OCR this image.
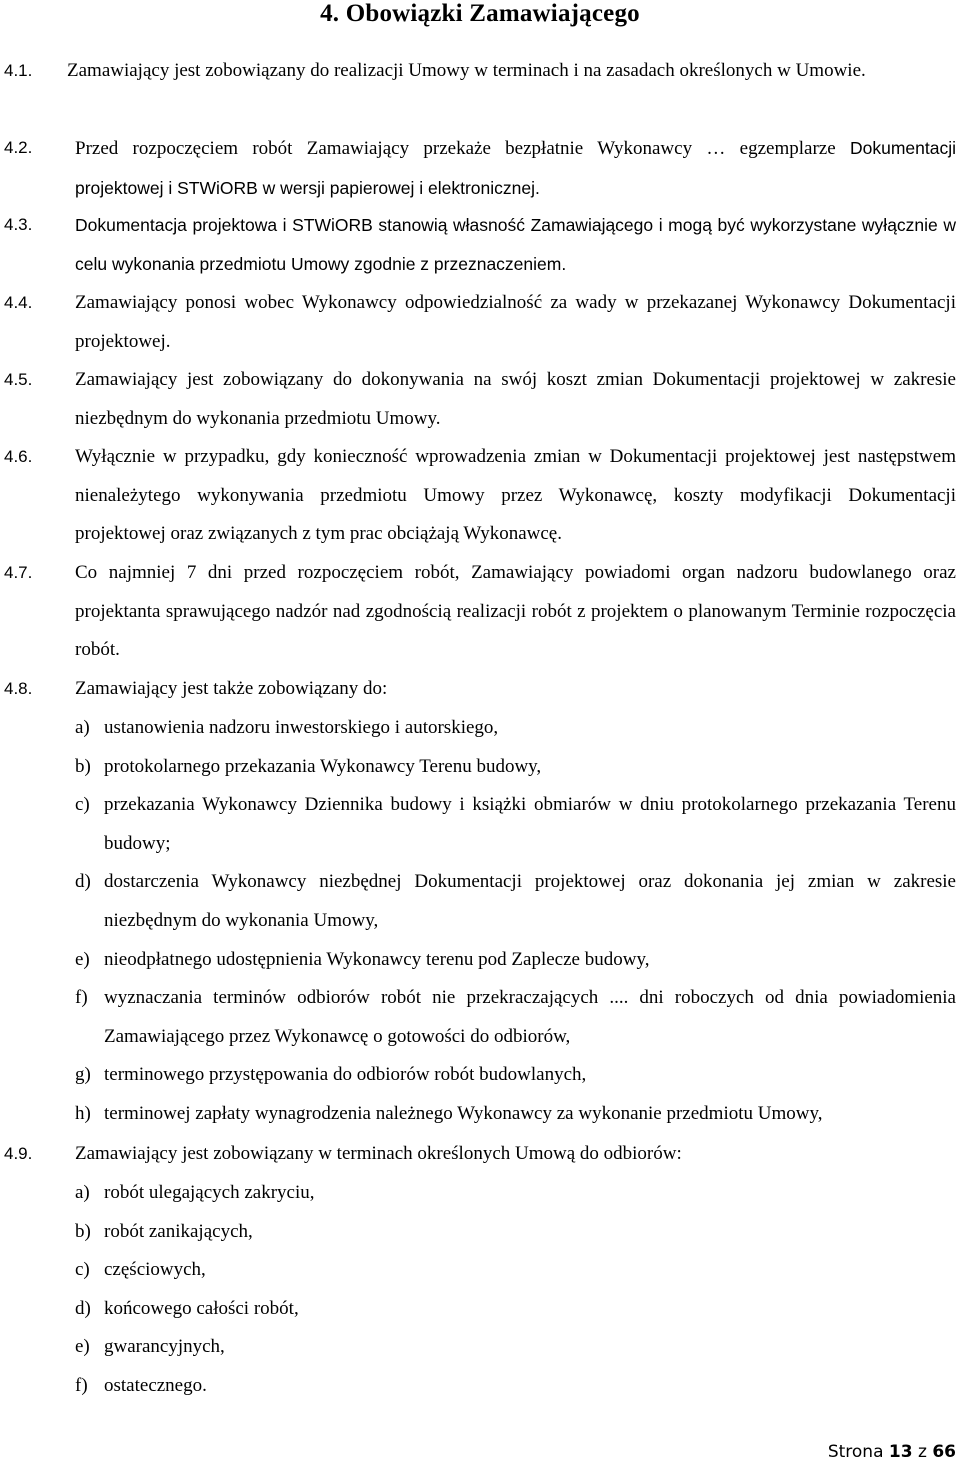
4. Obowiązki Zamawiającego
4.1. Zamawiający jest zobowiązany do realizacji Umowy w terminach i na zasadach określonych w Umowie.
4.2. Przed rozpoczęciem robót Zamawiający przekaże bezpłatnie Wykonawcy … egzemplarze Dokumentacji projektowej i STWiORB w wersji papierowej i elektronicznej.
4.3. Dokumentacja projektowa i STWiORB stanowią własność Zamawiającego i mogą być wykorzystane wyłącznie w celu wykonania przedmiotu Umowy zgodnie z przeznaczeniem.
4.4. Zamawiający ponosi wobec Wykonawcy odpowiedzialność za wady w przekazanej Wykonawcy Dokumentacji projektowej.
4.5. Zamawiający jest zobowiązany do dokonywania na swój koszt zmian Dokumentacji projektowej w zakresie niezbędnym do wykonania przedmiotu Umowy.
4.6. Wyłącznie w przypadku, gdy konieczność wprowadzenia zmian w Dokumentacji projektowej jest następstwem nienależytego wykonywania przedmiotu Umowy przez Wykonawcę, koszty modyfikacji Dokumentacji projektowej oraz związanych z tym prac obciążają Wykonawcę.
4.7. Co najmniej 7 dni przed rozpoczęciem robót, Zamawiający powiadomi organ nadzoru budowlanego oraz projektanta sprawującego nadzór nad zgodnością realizacji robót z projektem o planowanym Terminie rozpoczęcia robót.
4.8. Zamawiający jest także zobowiązany do:
a) ustanowienia nadzoru inwestorskiego i autorskiego,
b) protokolarnego przekazania Wykonawcy Terenu budowy,
c) przekazania Wykonawcy Dziennika budowy i książki obmiarów w dniu protokolarnego przekazania Terenu budowy;
d) dostarczenia Wykonawcy niezbędnej Dokumentacji projektowej oraz dokonania jej zmian w zakresie niezbędnym do wykonania Umowy,
e) nieodpłatnego udostępnienia Wykonawcy terenu pod Zaplecze budowy,
f) wyznaczania terminów odbiorów robót nie przekraczających .... dni roboczych od dnia powiadomienia Zamawiającego przez Wykonawcę o gotowości do odbiorów,
g) terminowego przystępowania do odbiorów robót budowlanych,
h) terminowej zapłaty wynagrodzenia należnego Wykonawcy za wykonanie przedmiotu Umowy,
4.9. Zamawiający jest zobowiązany w terminach określonych Umową do odbiorów:
a) robót ulegających zakryciu,
b) robót zanikających,
c) częściowych,
d) końcowego całości robót,
e) gwarancyjnych,
f) ostatecznego.
Strona 13 z 66
